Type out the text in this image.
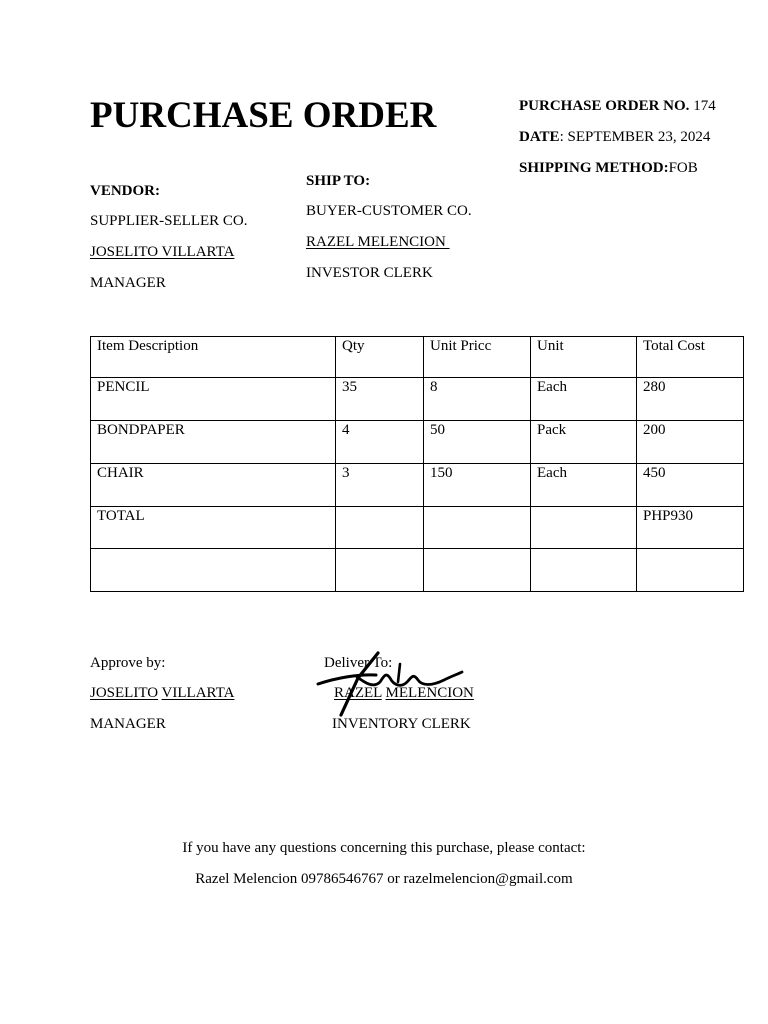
PURCHASE ORDER	PURCHASE ORDER NO. 174
DATE: SEPTEMBER 23, 2024
SHIPPING METHOD:FOB
VENDOR:
SUPPLIER-SELLER CO.
JOSELITO VILLARTA
MANAGER
SHIP TO:
BUYER-CUSTOMER CO.
RAZEL MELENCION
INVESTOR CLERK
Item Description	Qty	Unit Pricc	Unit	Total Cost
PENCIL	35	8	Each	280
BONDPAPER	4	50	Pack	200
CHAIR	3	150	Each	450
TOTAL				PHP930

Approve by:
JOSELITO VILLARTA
MANAGER
Deliver To:
RAZEL MELENCION
INVENTORY CLERK
If you have any questions concerning this purchase, please contact:
Razel Melencion 09786546767 or razelmelencion@gmail.com
